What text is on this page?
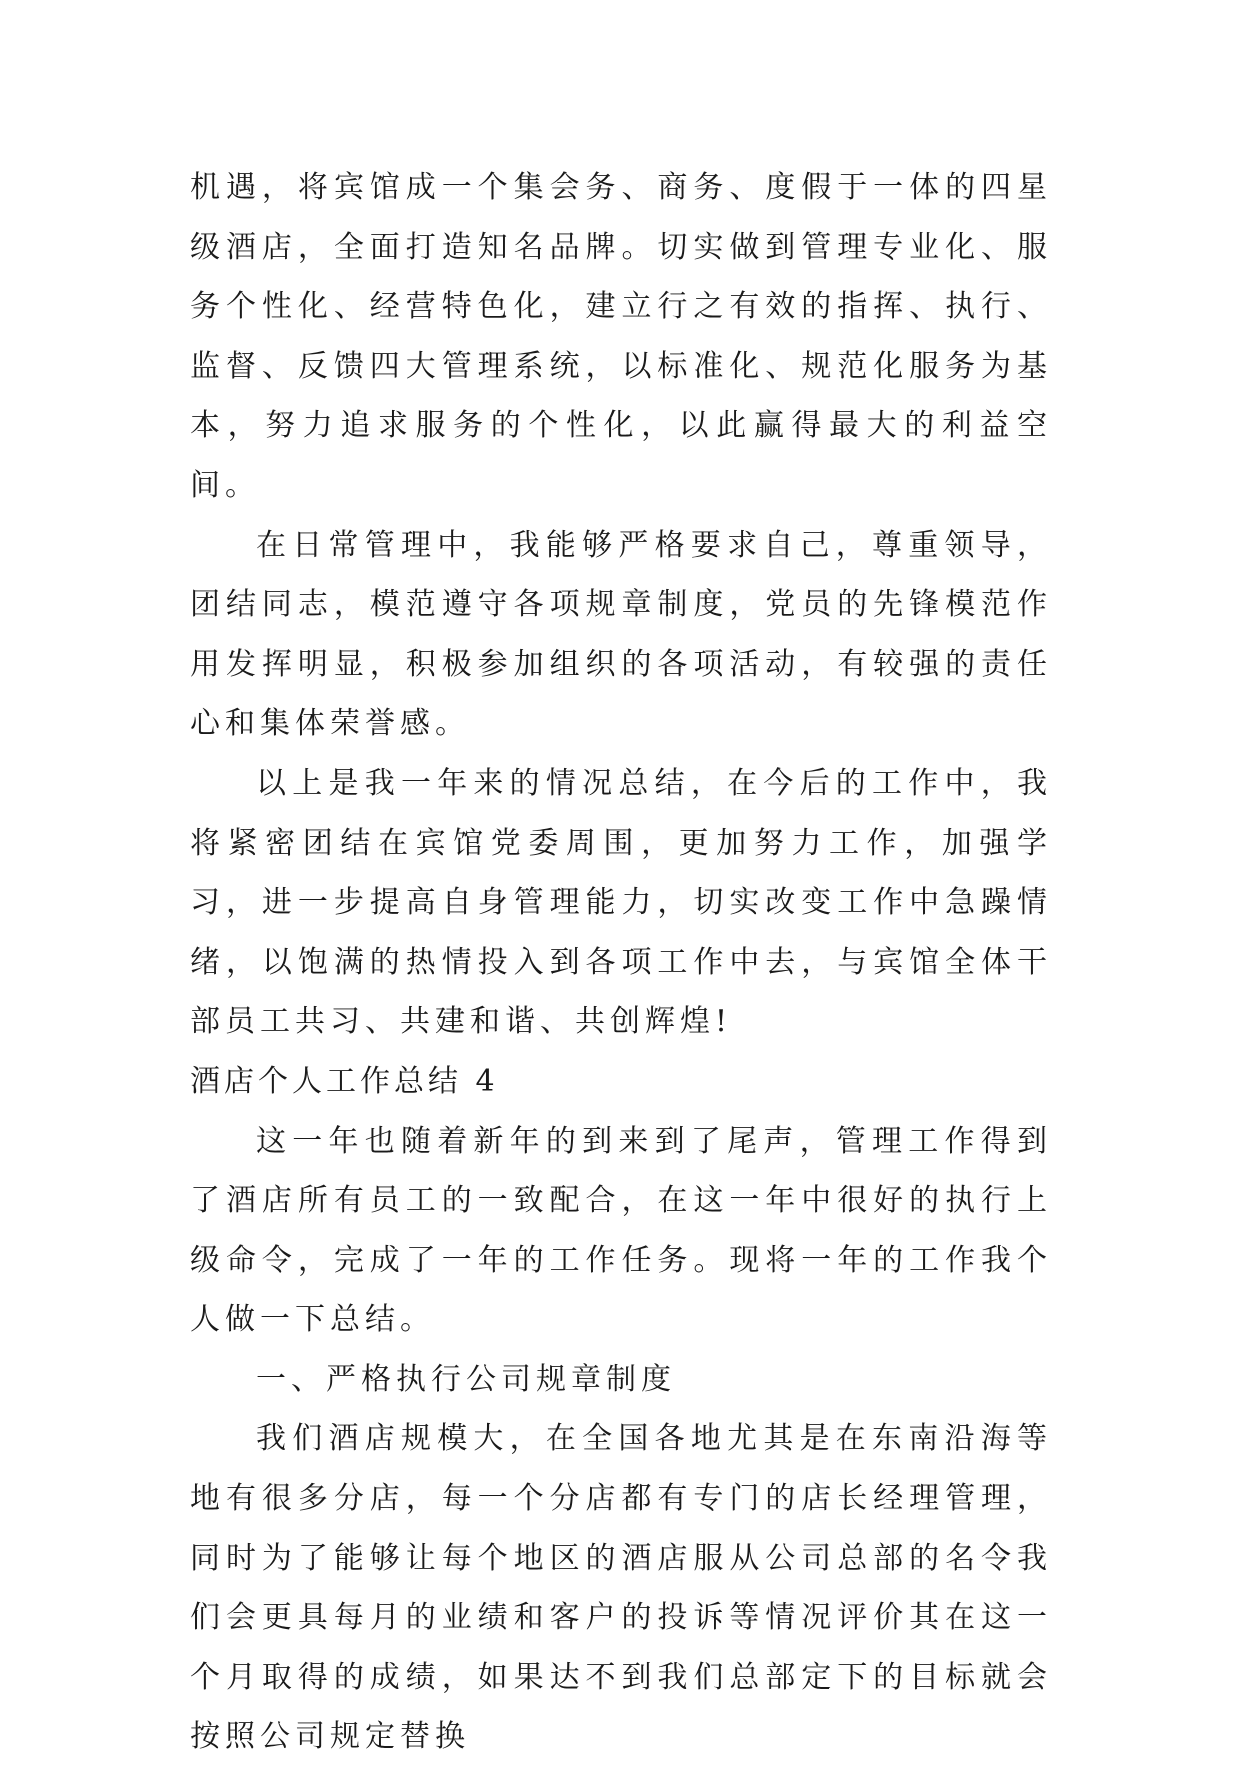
机遇，将宾馆成一个集会务、商务、度假于一体的四星级酒店，全面打造知名品牌。切实做到管理专业化、服务个性化、经营特色化，建立行之有效的指挥、执行、监督、反馈四大管理系统，以标准化、规范化服务为基本，努力追求服务的个性化，以此赢得最大的利益空间。

在日常管理中，我能够严格要求自己，尊重领导，团结同志，模范遵守各项规章制度，党员的先锋模范作用发挥明显，积极参加组织的各项活动，有较强的责任心和集体荣誉感。

以上是我一年来的情况总结，在今后的工作中，我将紧密团结在宾馆党委周围，更加努力工作，加强学习，进一步提高自身管理能力，切实改变工作中急躁情绪，以饱满的热情投入到各项工作中去，与宾馆全体干部员工共习、共建和谐、共创辉煌!

酒店个人工作总结 4

这一年也随着新年的到来到了尾声，管理工作得到了酒店所有员工的一致配合，在这一年中很好的执行上级命令，完成了一年的工作任务。现将一年的工作我个人做一下总结。

一、严格执行公司规章制度

我们酒店规模大，在全国各地尤其是在东南沿海等地有很多分店，每一个分店都有专门的店长经理管理，同时为了能够让每个地区的酒店服从公司总部的名令我们会更具每月的业绩和客户的投诉等情况评价其在这一个月取得的成绩，如果达不到我们总部定下的目标就会按照公司规定替换
